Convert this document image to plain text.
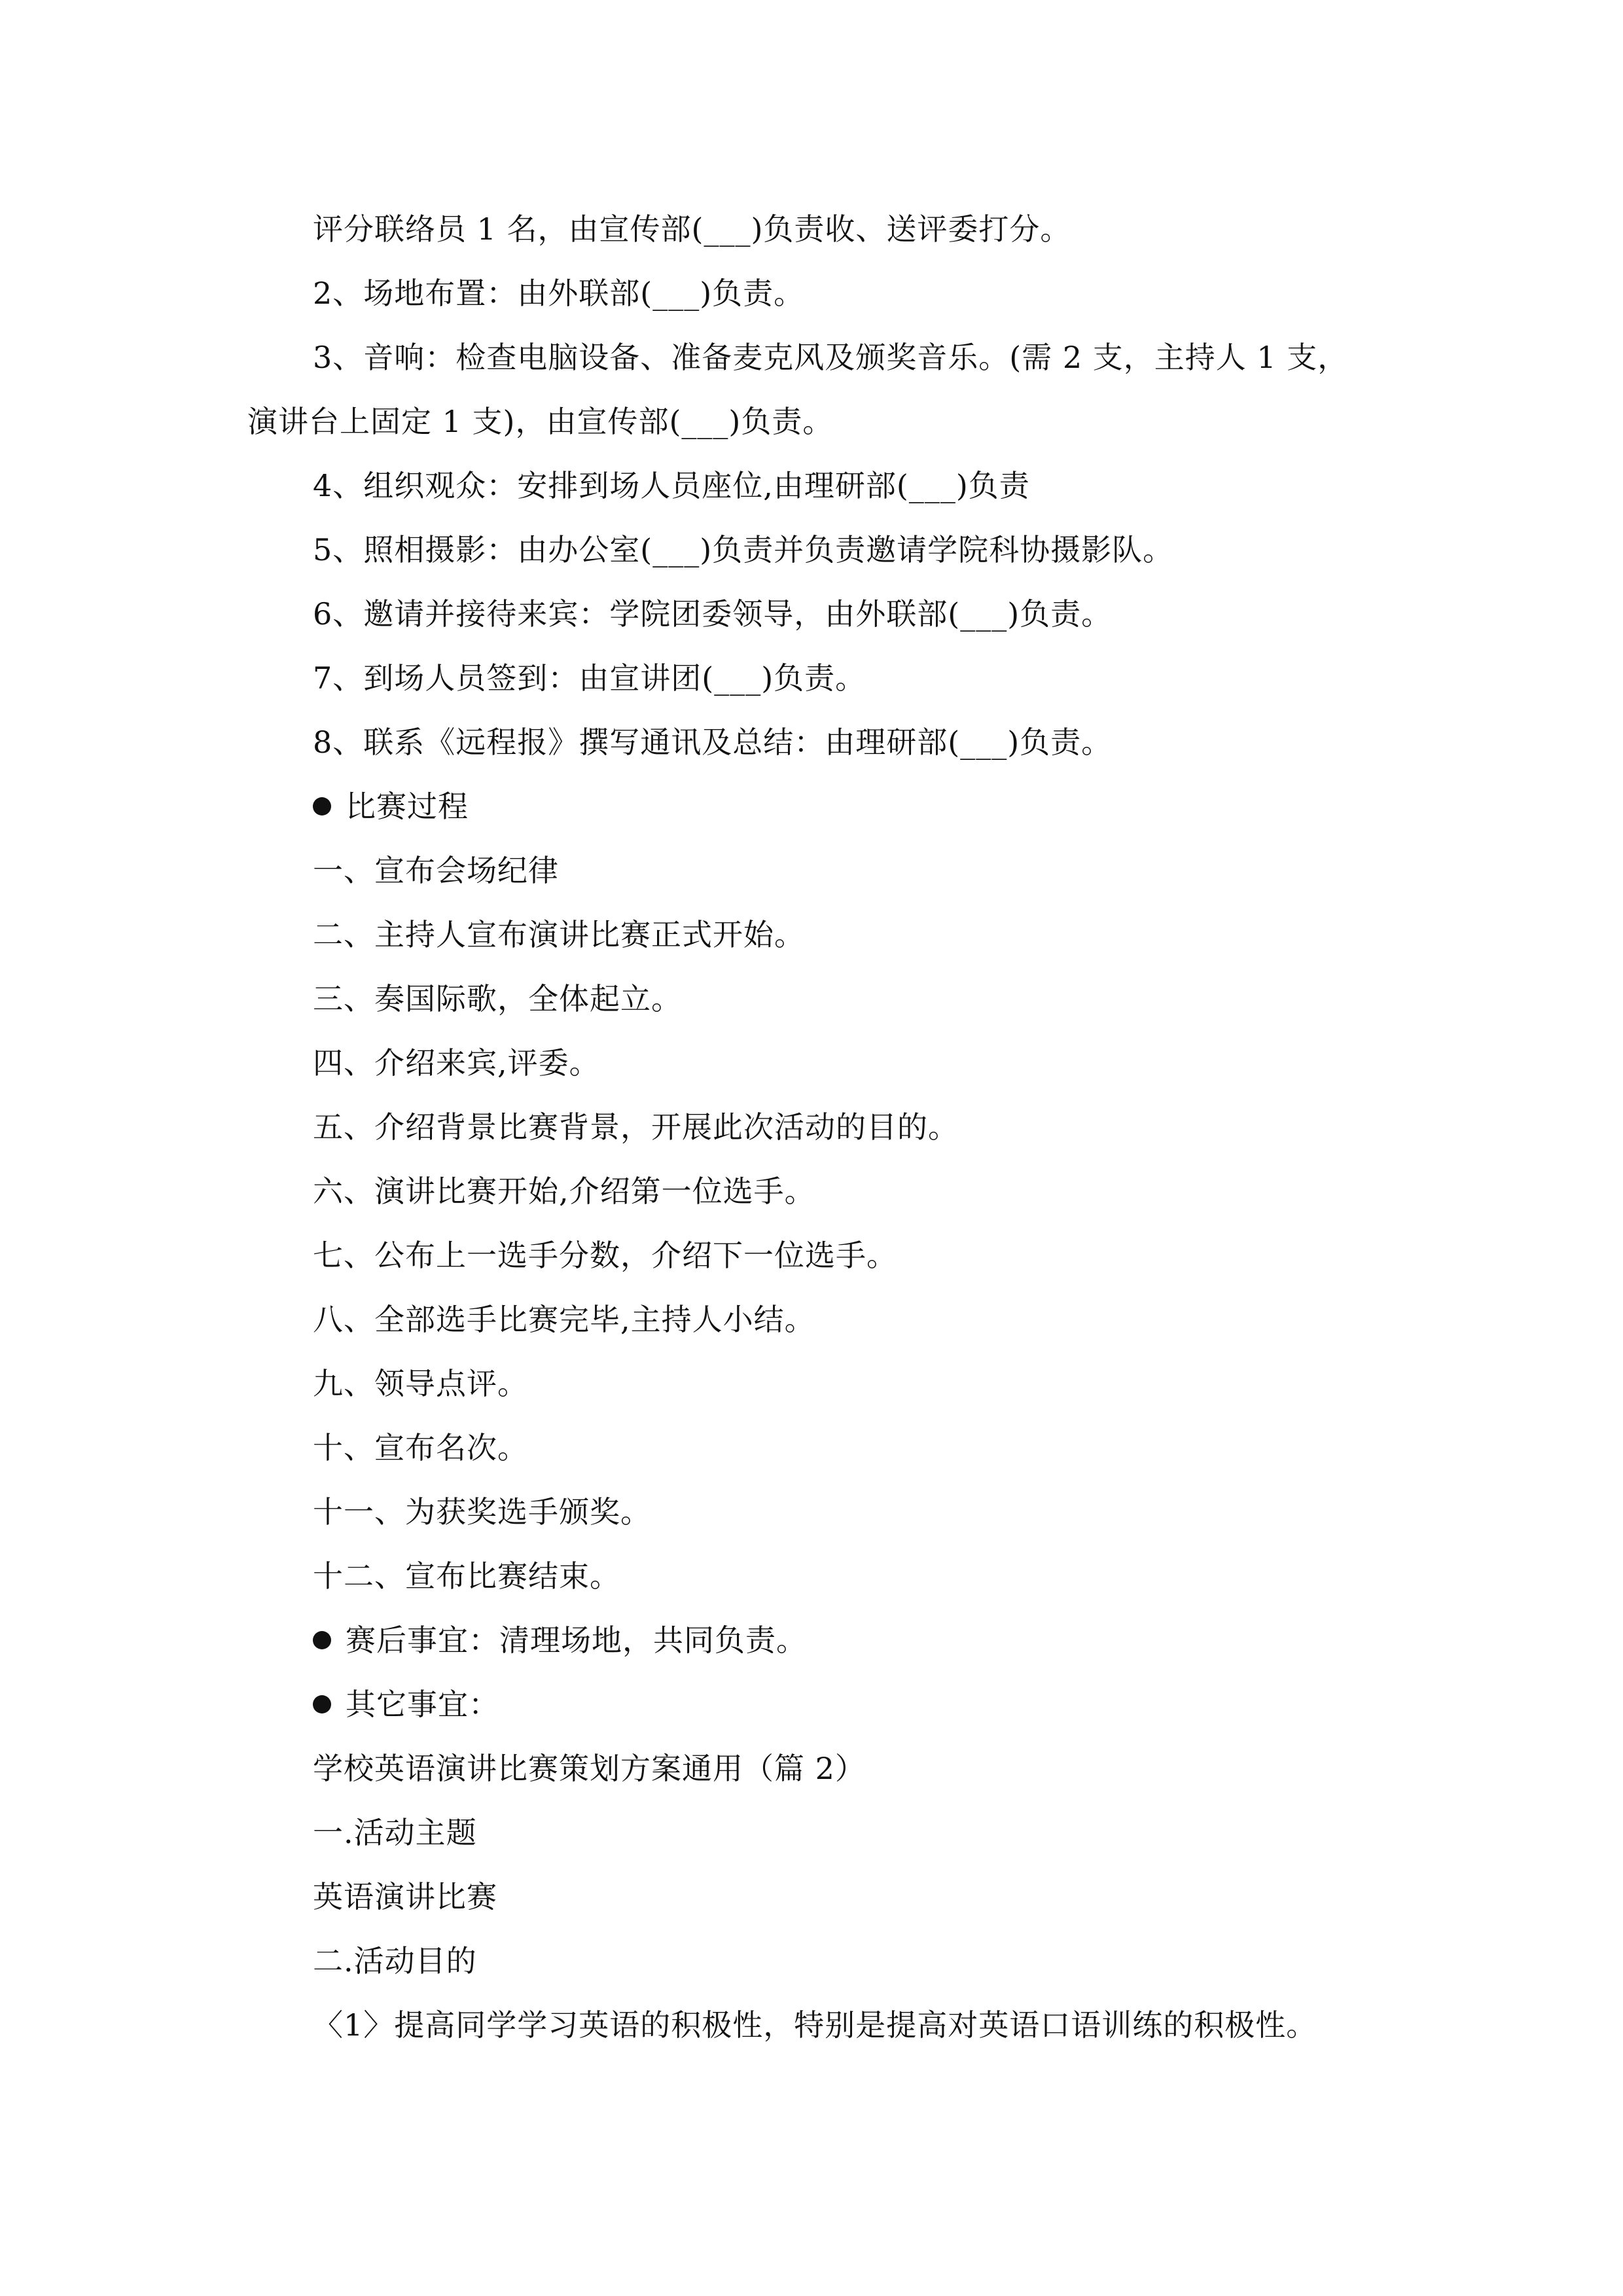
评分联络员 1 名，由宣传部(___)负责收、送评委打分。
2、场地布置：由外联部(___)负责。
3、音响：检查电脑设备、准备麦克风及颁奖音乐。(需 2 支，主持人 1 支，
演讲台上固定 1 支)，由宣传部(___)负责。
4、组织观众：安排到场人员座位,由理研部(___)负责
5、照相摄影：由办公室(___)负责并负责邀请学院科协摄影队。
6、邀请并接待来宾：学院团委领导，由外联部(___)负责。
7、到场人员签到：由宣讲团(___)负责。
8、联系《远程报》撰写通讯及总结：由理研部(___)负责。
比赛过程
一、宣布会场纪律
二、主持人宣布演讲比赛正式开始。
三、奏国际歌，全体起立。
四、介绍来宾,评委。
五、介绍背景比赛背景，开展此次活动的目的。
六、演讲比赛开始,介绍第一位选手。
七、公布上一选手分数，介绍下一位选手。
八、全部选手比赛完毕,主持人小结。
九、领导点评。
十、宣布名次。
十一、为获奖选手颁奖。
十二、宣布比赛结束。
赛后事宜：清理场地，共同负责。
其它事宜：
学校英语演讲比赛策划方案通用（篇 2）
一.活动主题
英语演讲比赛
二.活动目的
〈1〉提高同学学习英语的积极性，特别是提高对英语口语训练的积极性。
